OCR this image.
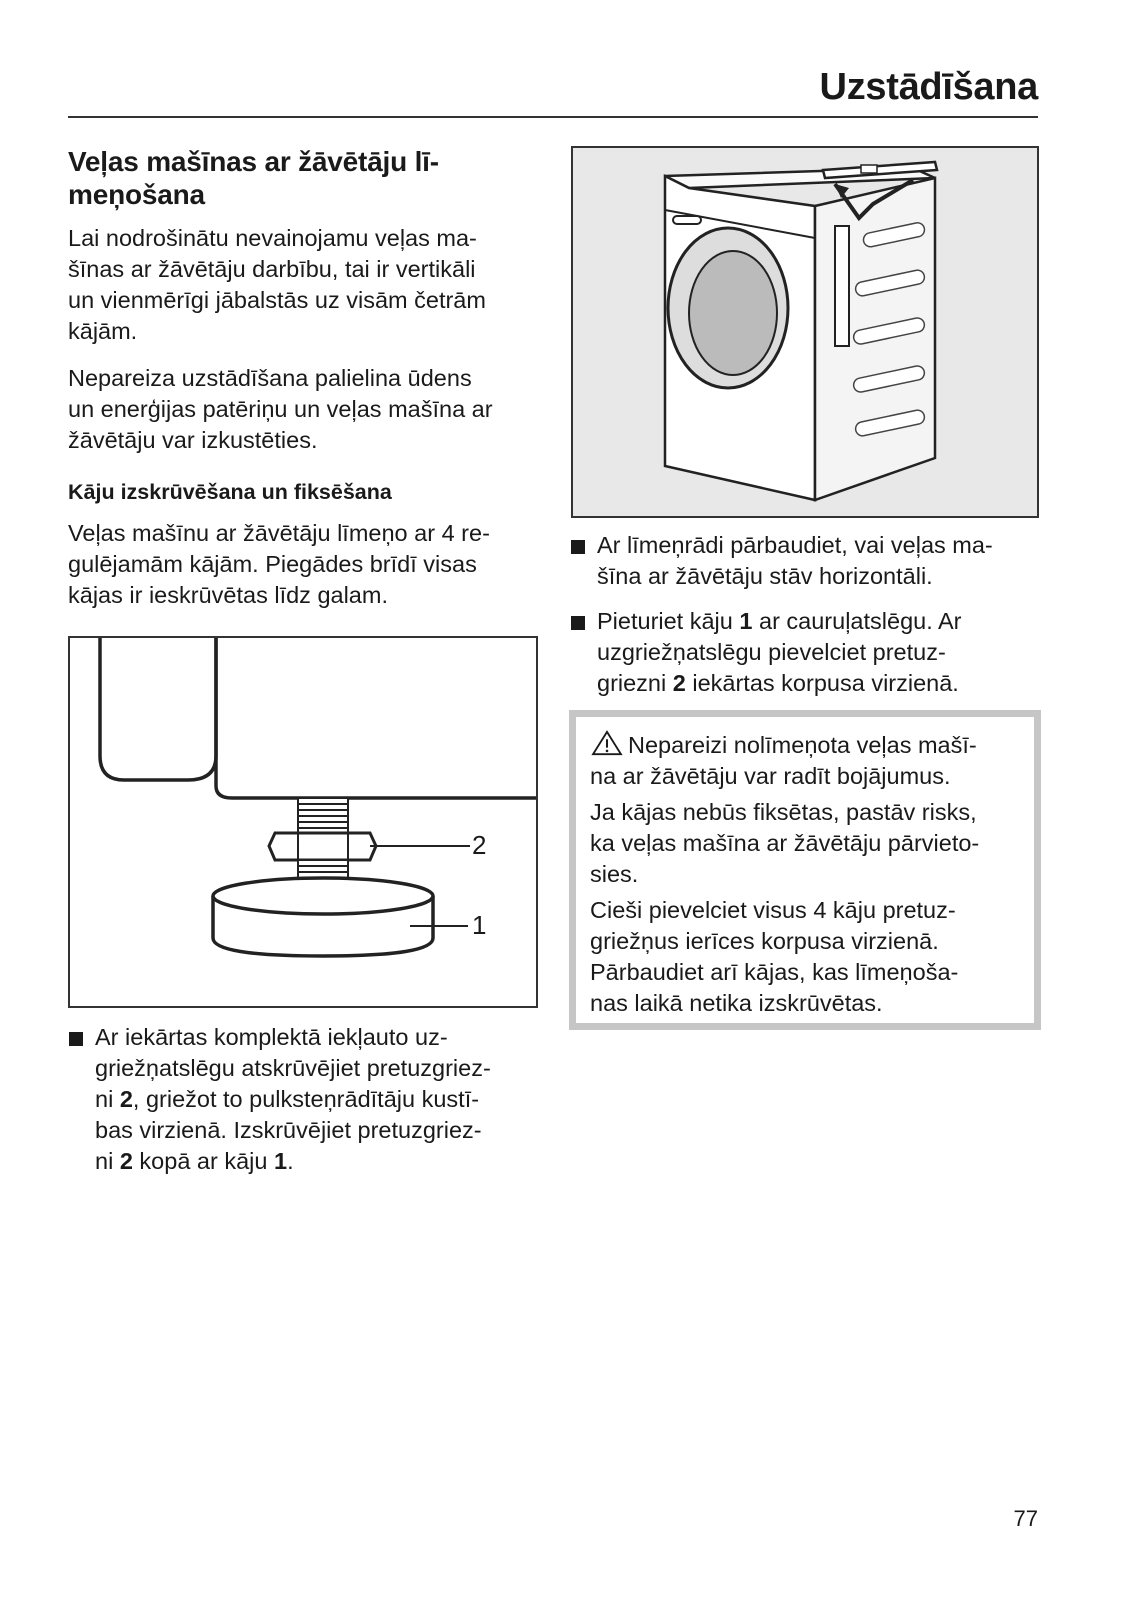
Uzstādīšana
Veļas mašīnas ar žāvētāju lī-
meņošana

Lai nodrošinātu nevainojamu veļas ma-
šīnas ar žāvētāju darbību, tai ir vertikāli
un vienmērīgi jābalstās uz visām četrām
kājām.

Nepareiza uzstādīšana palielina ūdens
un enerģijas patēriņu un veļas mašīna ar
žāvētāju var izkustēties.

Kāju izskrūvēšana un fiksēšana

Veļas mašīnu ar žāvētāju līmeņo ar 4 re-
gulējamām kājām. Piegādes brīdī visas
kājas ir ieskrūvētas līdz galam.

2
1
Ar iekārtas komplektā iekļauto uz-
griežņatslēgu atskrūvējiet pretuzgriez-
ni 2, griežot to pulksteņrādītāju kustī-
bas virzienā. Izskrūvējiet pretuzgriez-
ni 2 kopā ar kāju 1.
Ar līmeņrādi pārbaudiet, vai veļas ma-
šīna ar žāvētāju stāv horizontāli.
Pieturiet kāju 1 ar cauruļatslēgu. Ar
uzgriežņatslēgu pievelciet pretuz-
griezni 2 iekārtas korpusa virzienā.

Nepareizi nolīmeņota veļas mašī-
na ar žāvētāju var radīt bojājumus.

Ja kājas nebūs fiksētas, pastāv risks,
ka veļas mašīna ar žāvētāju pārvieto-
sies.

Cieši pievelciet visus 4 kāju pretuz-
griežņus ierīces korpusa virzienā.
Pārbaudiet arī kājas, kas līmeņoša-
nas laikā netika izskrūvētas.

77
